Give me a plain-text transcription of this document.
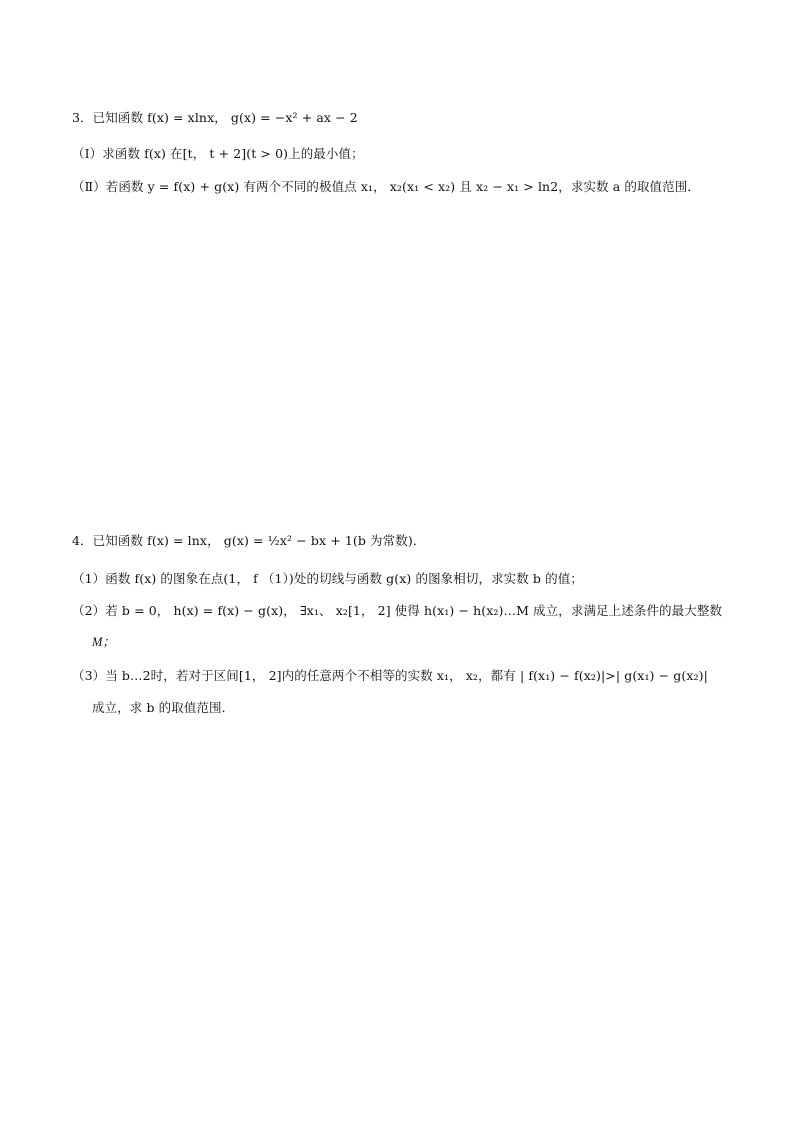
3．已知函数 f(x) = xlnx， g(x) = −x² + ax − 2
（Ⅰ）求函数 f(x) 在[t， t + 2](t > 0)上的最小值；
（Ⅱ）若函数 y = f(x) + g(x) 有两个不同的极值点 x₁， x₂(x₁ < x₂) 且 x₂ − x₁ > ln2，求实数 a 的取值范围．
4．已知函数 f(x) = lnx， g(x) = ½x² − bx + 1(b 为常数)．
（1）函数 f(x) 的图象在点(1， f （1）)处的切线与函数 g(x) 的图象相切，求实数 b 的值；
（2）若 b = 0， h(x) = f(x) − g(x)， ∃x₁、 x₂[1， 2] 使得 h(x₁) − h(x₂)…M 成立，求满足上述条件的最大整数
M；
（3）当 b…2时，若对于区间[1， 2]内的任意两个不相等的实数 x₁， x₂，都有 | f(x₁) − f(x₂)|>| g(x₁) − g(x₂)|
成立，求 b 的取值范围．
